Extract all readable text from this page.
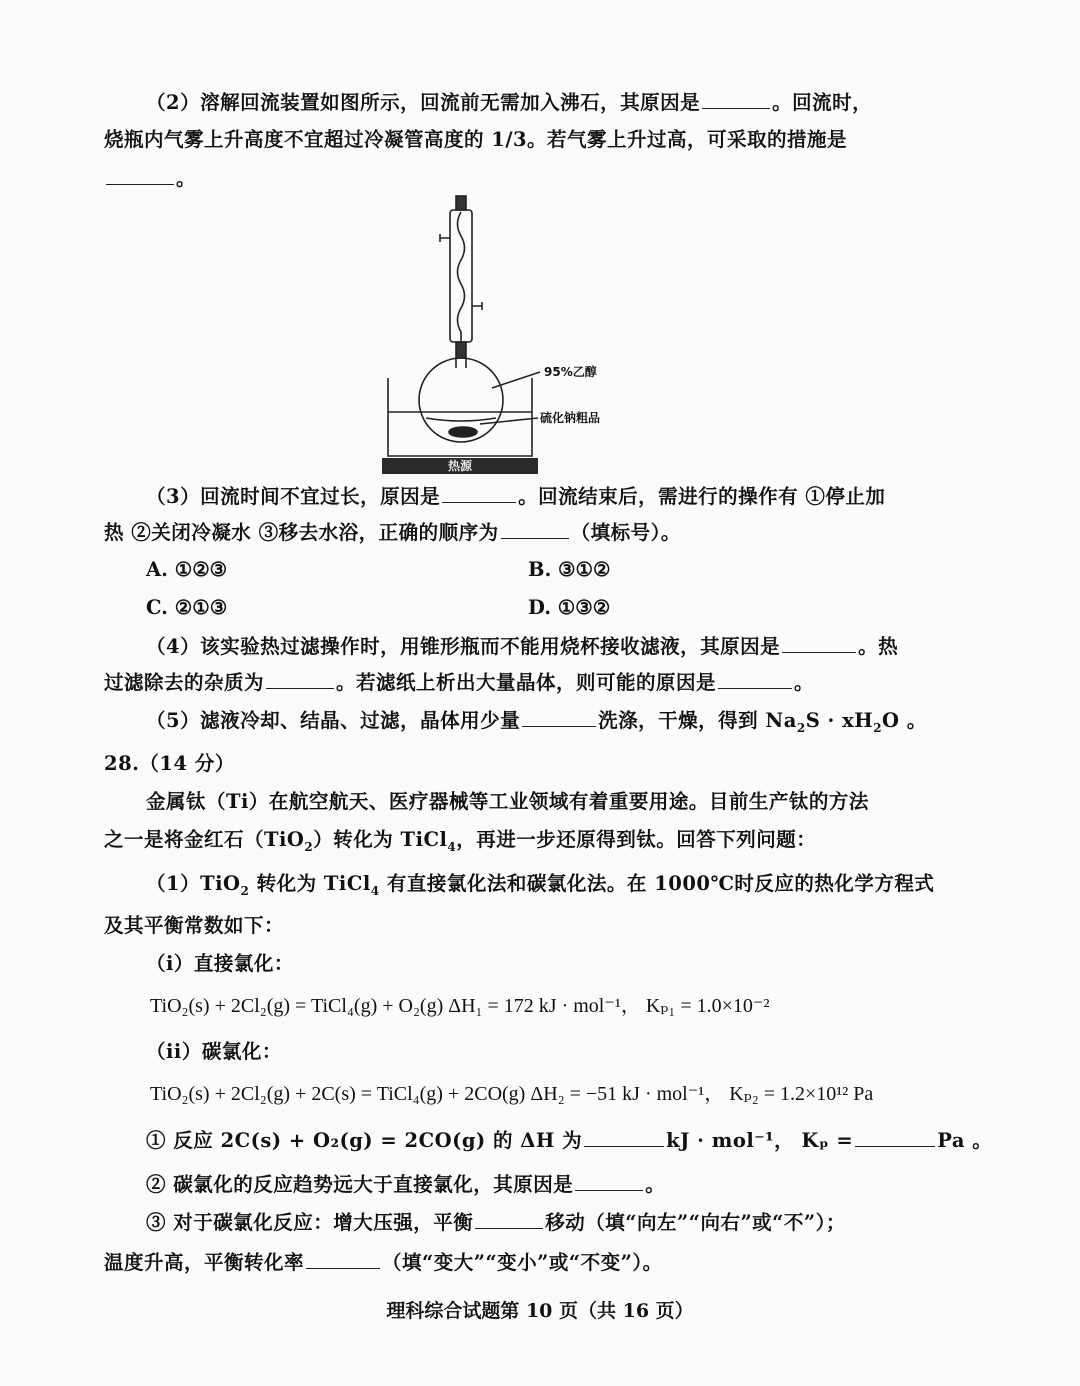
（2）溶解回流装置如图所示，回流前无需加入沸石，其原因是	。回流时，
烧瓶内气雾上升高度不宜超过冷凝管高度的 1/3。若气雾上升过高，可采取的措施是
。
热源
95%乙醇
硫化钠粗品
（3）回流时间不宜过长，原因是	。回流结束后，需进行的操作有 ①停止加
热 ②关闭冷凝水 ③移去水浴，正确的顺序为	（填标号）。
A. ①②③	B. ③①②
C. ②①③	D. ①③②
（4）该实验热过滤操作时，用锥形瓶而不能用烧杯接收滤液，其原因是	。热
过滤除去的杂质为	。若滤纸上析出大量晶体，则可能的原因是	。
（5）滤液冷却、结晶、过滤，晶体用少量	洗涤，干燥，得到 $Na_2S \cdot xH_2O$ 。
28.（14 分）
金属钛（Ti）在航空航天、医疗器械等工业领域有着重要用途。目前生产钛的方法
之一是将金红石（TiO$_2$）转化为 TiCl$_4$，再进一步还原得到钛。回答下列问题：
（1）TiO$_2$ 转化为 TiCl$_4$ 有直接氯化法和碳氯化法。在 1000℃时反应的热化学方程式
及其平衡常数如下：
（i）直接氯化：
TiO₂(s) + 2Cl₂(g) = TiCl₄(g) + O₂(g) ΔH₁ = 172 kJ · mol⁻¹， Kₚ₁ = 1.0×10⁻²
（ii）碳氯化：
TiO₂(s) + 2Cl₂(g) + 2C(s) = TiCl₄(g) + 2CO(g) ΔH₂ = −51 kJ · mol⁻¹， Kₚ₂ = 1.2×10¹² Pa
① 反应 2C(s) + O₂(g) = 2CO(g) 的 ΔH 为	kJ · mol⁻¹， Kₚ =	Pa 。
② 碳氯化的反应趋势远大于直接氯化，其原因是	。
③ 对于碳氯化反应：增大压强，平衡	移动（填“向左”“向右”或“不”）；
温度升高，平衡转化率	（填“变大”“变小”或“不变”）。
理科综合试题第 10 页（共 16 页）
